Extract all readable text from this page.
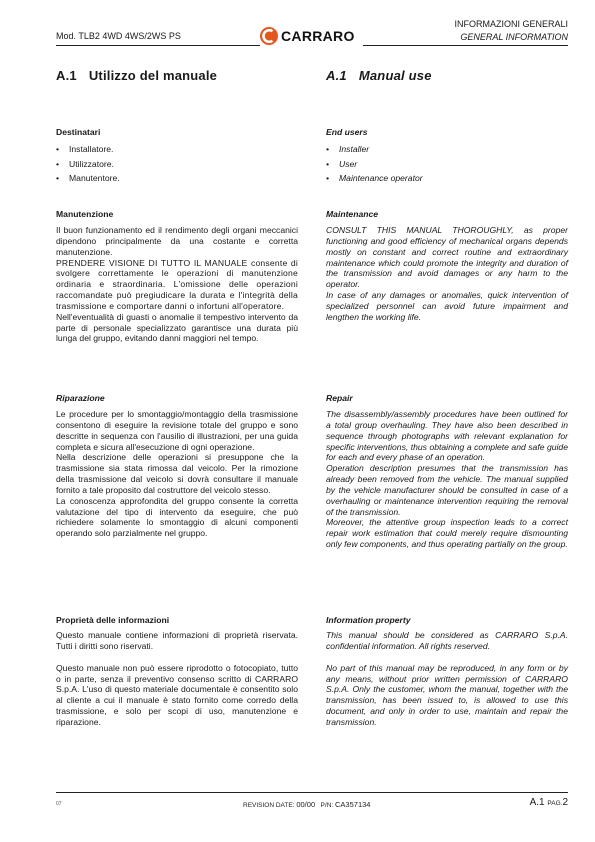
Mod. TLB2 4WD 4WS/2WS PS	CARRARO
INFORMAZIONI GENERALI
GENERAL INFORMATION
A.1 Utilizzo del manuale
Destinatari
• Installatore.
• Utilizzatore.
• Manutentore.
Manutenzione
Il buon funzionamento ed il rendimento degli organi meccanici dipendono principalmente da una costante e corretta manutenzione.
PRENDERE VISIONE DI TUTTO IL MANUALE consente di svolgere correttamente le operazioni di manutenzione ordinaria e straordinaria. L'omissione delle operazioni raccomandate può pregiudicare la durata e l'integrità della trasmissione e comportare danni o infortuni all'operatore.
Nell'eventualità di guasti o anomalie il tempestivo intervento da parte di personale specializzato garantisce una durata più lunga del gruppo, evitando danni maggiori nel tempo.
Riparazione
Le procedure per lo smontaggio/montaggio della trasmissione consentono di eseguire la revisione totale del gruppo e sono descritte in sequenza con l'ausilio di illustrazioni, per una guida completa e sicura all'esecuzione di ogni operazione.
Nella descrizione delle operazioni si presuppone che la trasmissione sia stata rimossa dal veicolo. Per la rimozione della trasmissione dal veicolo si dovrà consultare il manuale fornito a tale proposito dal costruttore del veicolo stesso.
La conoscenza approfondita del gruppo consente la corretta valutazione del tipo di intervento da eseguire, che può richiedere solamente lo smontaggio di alcuni componenti operando solo parzialmente nel gruppo.
Proprietà delle informazioni
Questo manuale contiene informazioni di proprietà riservata. Tutti i diritti sono riservati.
Questo manuale non può essere riprodotto o fotocopiato, tutto o in parte, senza il preventivo consenso scritto di CARRARO S.p.A. L'uso di questo materiale documentale è consentito solo al cliente a cui il manuale è stato fornito come corredo della trasmissione, e solo per scopi di uso, manutenzione e riparazione.
A.1 Manual use
End users
• Installer
• User
• Maintenance operator
Maintenance
CONSULT THIS MANUAL THOROUGHLY, as proper functioning and good efficiency of mechanical organs depends mostly on constant and correct routine and extraordinary maintenance which could promote the integrity and duration of the transmission and avoid damages or any harm to the operator.
In case of any damages or anomalies, quick intervention of specialized personnel can avoid future impairment and lengthen the working life.
Repair
The disassembly/assembly procedures have been outlined for a total group overhauling. They have also been described in sequence through photographs with relevant explanation for specific interventions, thus obtaining a complete and safe guide for each and every phase of an operation.
Operation description presumes that the transmission has already been removed from the vehicle. The manual supplied by the vehicle manufacturer should be consulted in case of a overhauling or maintenance intervention requiring the removal of the transmission.
Moreover, the attentive group inspection leads to a correct repair work estimation that could merely require dismounting only few components, and thus operating partially on the group.
Information property
This manual should be considered as CARRARO S.p.A. confidential information. All rights reserved.
No part of this manual may be reproduced, in any form or by any means, without prior written permission of CARRARO S.p.A. Only the customer, whom the manual, together with the transmission, has been issued to, is allowed to use this document, and only in order to use, maintain and repair the transmission.
07	REVISION DATE: 00/00 P/N: CA357134	A.1 PAG.2
